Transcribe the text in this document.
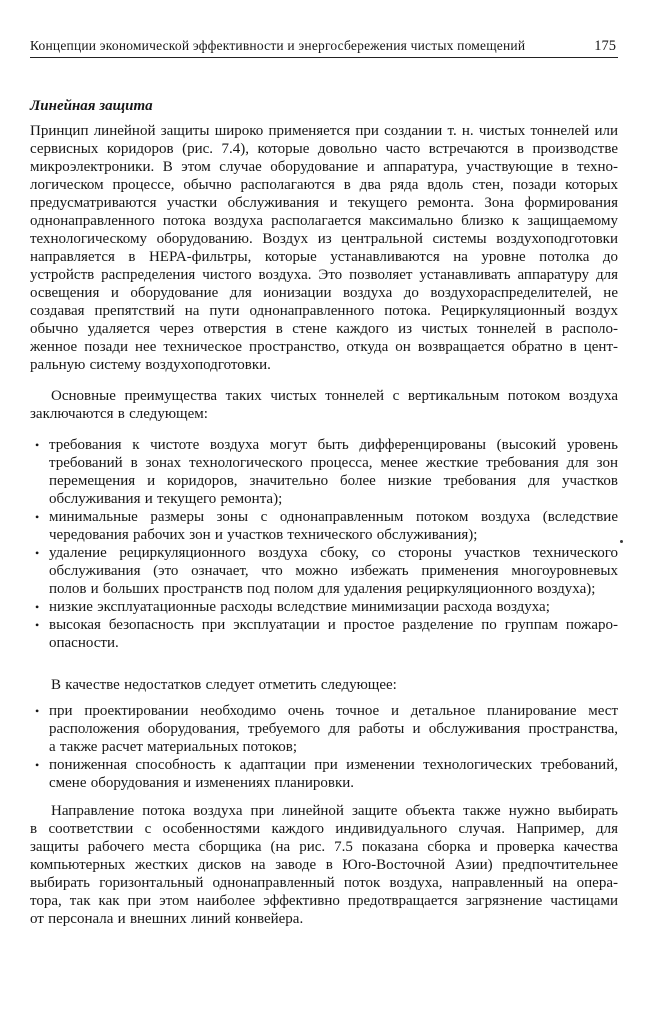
Концепции экономической эффективности и энергосбережения чистых помещений	175
Линейная защита
Принцип линейной защиты широко применяется при создании т. н. чистых тоннелей или
сервисных коридоров (рис. 7.4), которые довольно часто встречаются в производстве
микроэлектроники. В этом случае оборудование и аппаратура, участвующие в техно-
логическом процессе, обычно располагаются в два ряда вдоль стен, позади которых
предусматриваются участки обслуживания и текущего ремонта. Зона формирования
однонаправленного потока воздуха располагается максимально близко к защищаемому
технологическому оборудованию. Воздух из центральной системы воздухоподготовки
направляется в HEPA-фильтры, которые устанавливаются на уровне потолка до
устройств распределения чистого воздуха. Это позволяет устанавливать аппаратуру для
освещения и оборудование для ионизации воздуха до воздухораспределителей, не
создавая препятствий на пути однонаправленного потока. Рециркуляционный воздух
обычно удаляется через отверстия в стене каждого из чистых тоннелей в располо-
женное позади нее техническое пространство, откуда он возвращается обратно в цент-
ральную систему воздухоподготовки.
Основные преимущества таких чистых тоннелей с вертикальным потоком воздуха
заключаются в следующем:
• требования к чистоте воздуха могут быть дифференцированы (высокий уровень
требований в зонах технологического процесса, менее жесткие требования для зон
перемещения и коридоров, значительно более низкие требования для участков
обслуживания и текущего ремонта);
• минимальные размеры зоны с однонаправленным потоком воздуха (вследствие
чередования рабочих зон и участков технического обслуживания);
• удаление рециркуляционного воздуха сбоку, со стороны участков технического
обслуживания (это означает, что можно избежать применения многоуровневых
полов и больших пространств под полом для удаления рециркуляционного воздуха);
• низкие эксплуатационные расходы вследствие минимизации расхода воздуха;
• высокая безопасность при эксплуатации и простое разделение по группам пожаро-
опасности.
В качестве недостатков следует отметить следующее:
• при проектировании необходимо очень точное и детальное планирование мест
расположения оборудования, требуемого для работы и обслуживания пространства,
а также расчет материальных потоков;
• пониженная способность к адаптации при изменении технологических требований,
смене оборудования и изменениях планировки.
Направление потока воздуха при линейной защите объекта также нужно выбирать
в соответствии с особенностями каждого индивидуального случая. Например, для
защиты рабочего места сборщика (на рис. 7.5 показана сборка и проверка качества
компьютерных жестких дисков на заводе в Юго-Восточной Азии) предпочтительнее
выбирать горизонтальный однонаправленный поток воздуха, направленный на опера-
тора, так как при этом наиболее эффективно предотвращается загрязнение частицами
от персонала и внешних линий конвейера.
